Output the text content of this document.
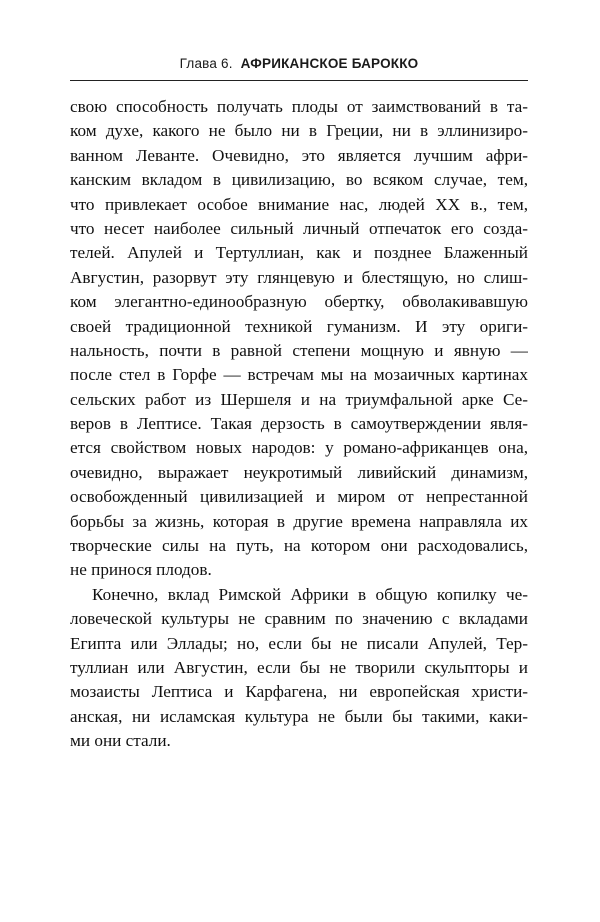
Глава 6. АФРИКАНСКОЕ БАРОККО
свою способность получать плоды от заимствований в та-
ком духе, какого не было ни в Греции, ни в эллинизиро-
ванном Леванте. Очевидно, это является лучшим афри-
канским вкладом в цивилизацию, во всяком случае, тем,
что привлекает особое внимание нас, людей XX в., тем,
что несет наиболее сильный личный отпечаток его созда-
телей. Апулей и Тертуллиан, как и позднее Блаженный
Августин, разорвут эту глянцевую и блестящую, но слиш-
ком элегантно-единообразную обертку, обволакивавшую
своей традиционной техникой гуманизм. И эту ориги-
нальность, почти в равной степени мощную и явную —
после стел в Горфе — встречам мы на мозаичных картинах
сельских работ из Шершеля и на триумфальной арке Се-
веров в Лептисе. Такая дерзость в самоутверждении явля-
ется свойством новых народов: у романо-африканцев она,
очевидно, выражает неукротимый ливийский динамизм,
освобожденный цивилизацией и миром от непрестанной
борьбы за жизнь, которая в другие времена направляла их
творческие силы на путь, на котором они расходовались,
не принося плодов.
Конечно, вклад Римской Африки в общую копилку че-
ловеческой культуры не сравним по значению с вкладами
Египта или Эллады; но, если бы не писали Апулей, Тер-
туллиан или Августин, если бы не творили скульпторы и
мозаисты Лептиса и Карфагена, ни европейская христи-
анская, ни исламская культура не были бы такими, каки-
ми они стали.
